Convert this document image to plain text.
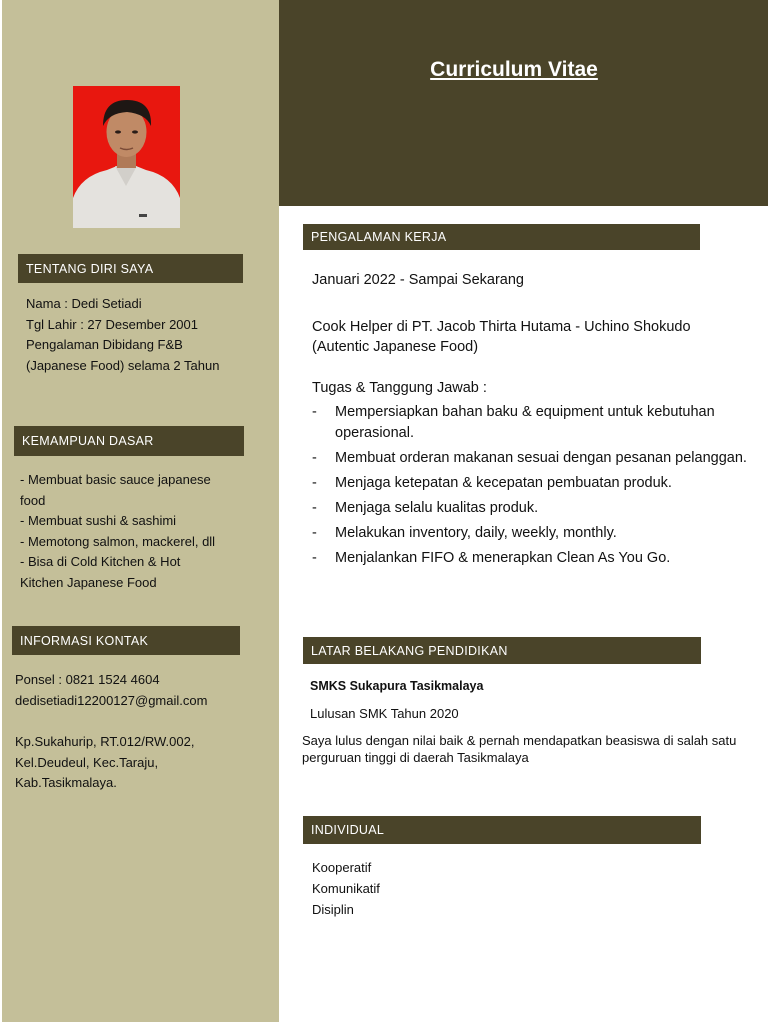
Curriculum Vitae
TENTANG DIRI SAYA
Nama : Dedi Setiadi
Tgl Lahir : 27 Desember 2001
Pengalaman Dibidang F&B
(Japanese Food) selama 2 Tahun
KEMAMPUAN DASAR
- Membuat basic sauce japanese
food
- Membuat sushi & sashimi
- Memotong salmon, mackerel, dll
- Bisa di Cold Kitchen & Hot
Kitchen Japanese Food
INFORMASI KONTAK
Ponsel : 0821 1524 4604
dedisetiadi12200127@gmail.com
Kp.Sukahurip, RT.012/RW.002,
Kel.Deudeul, Kec.Taraju,
Kab.Tasikmalaya.
PENGALAMAN KERJA
Januari 2022 - Sampai Sekarang
Cook Helper di PT. Jacob Thirta Hutama - Uchino Shokudo
(Autentic Japanese Food)
Tugas & Tanggung Jawab :
- Mempersiapkan bahan baku & equipment untuk kebutuhan operasional.
- Membuat orderan makanan sesuai dengan pesanan pelanggan.
- Menjaga ketepatan & kecepatan pembuatan produk.
- Menjaga selalu kualitas produk.
- Melakukan inventory, daily, weekly, monthly.
- Menjalankan FIFO & menerapkan Clean As You Go.
LATAR BELAKANG PENDIDIKAN
SMKS Sukapura Tasikmalaya
Lulusan SMK Tahun 2020
Saya lulus dengan nilai baik & pernah mendapatkan beasiswa di salah satu perguruan tinggi di daerah Tasikmalaya
INDIVIDUAL
Kooperatif
Komunikatif
Disiplin
